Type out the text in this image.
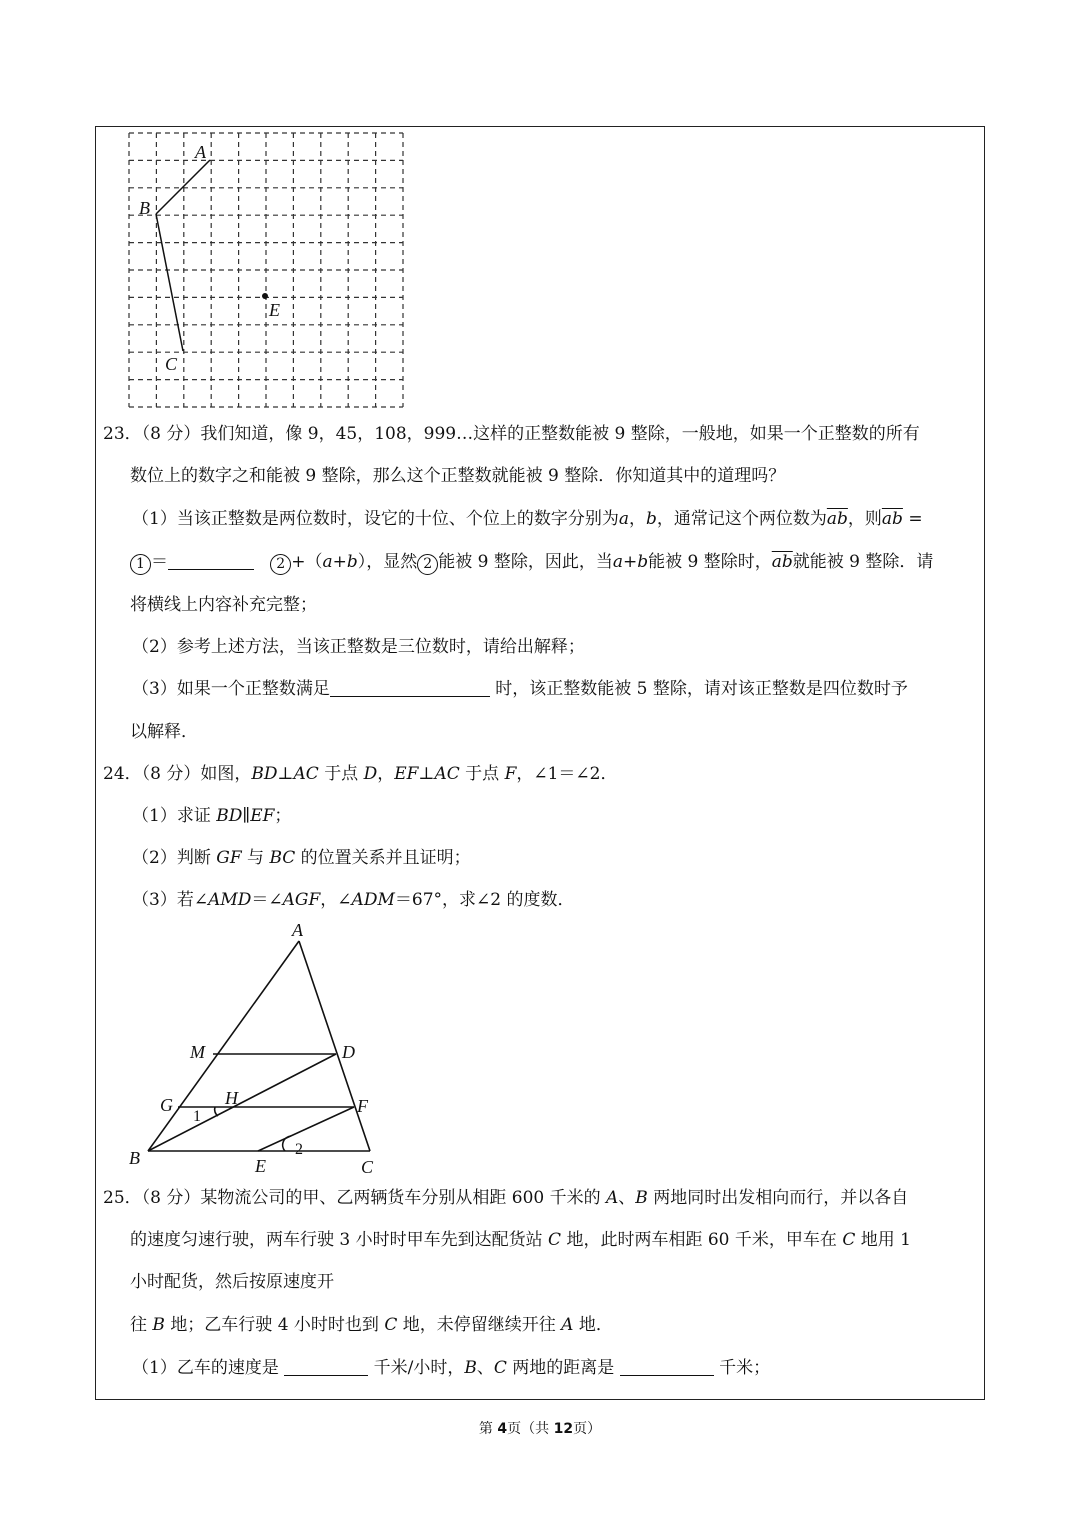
A
B
C
E
23．（8 分）我们知道，像 9，45，108，999…这样的正整数能被 9 整除，一般地，如果一个正整数的所有
数位上的数字之和能被 9 整除，那么这个正整数就能被 9 整除．你知道其中的道理吗？
（1）当该正整数是两位数时，设它的十位、个位上的数字分别为a，b，通常记这个两位数为$\overline{ab}$，则$\overline{ab}$ =
1 ＝	2 +（a+b），显然 2 能被 9 整除，因此，当a+b能被 9 整除时，$\overline{ab}$就能被 9 整除．请
将横线上内容补充完整；
（2）参考上述方法，当该正整数是三位数时，请给出解释；
（3）如果一个正整数满足	时，该正整数能被 5 整除，请对该正整数是四位数时予
以解释．
24．（8 分）如图，BD⊥AC 于点 D，EF⊥AC 于点 F，∠1＝∠2．
（1）求证 BD∥EF；
（2）判断 GF 与 BC 的位置关系并且证明；
（3）若∠AMD＝∠AGF，∠ADM＝67°，求∠2 的度数．
A
M	D
G	H	F
B	E	C
1
2
25．（8 分）某物流公司的甲、乙两辆货车分别从相距 600 千米的 A、B 两地同时出发相向而行，并以各自
的速度匀速行驶，两车行驶 3 小时时甲车先到达配货站 C 地，此时两车相距 60 千米，甲车在 C 地用 1
小时配货，然后按原速度开
往 B 地；乙车行驶 4 小时时也到 C 地，未停留继续开往 A 地．
（1）乙车的速度是	千米/小时，B、C 两地的距离是	千米；
第 4页（共 12页）
